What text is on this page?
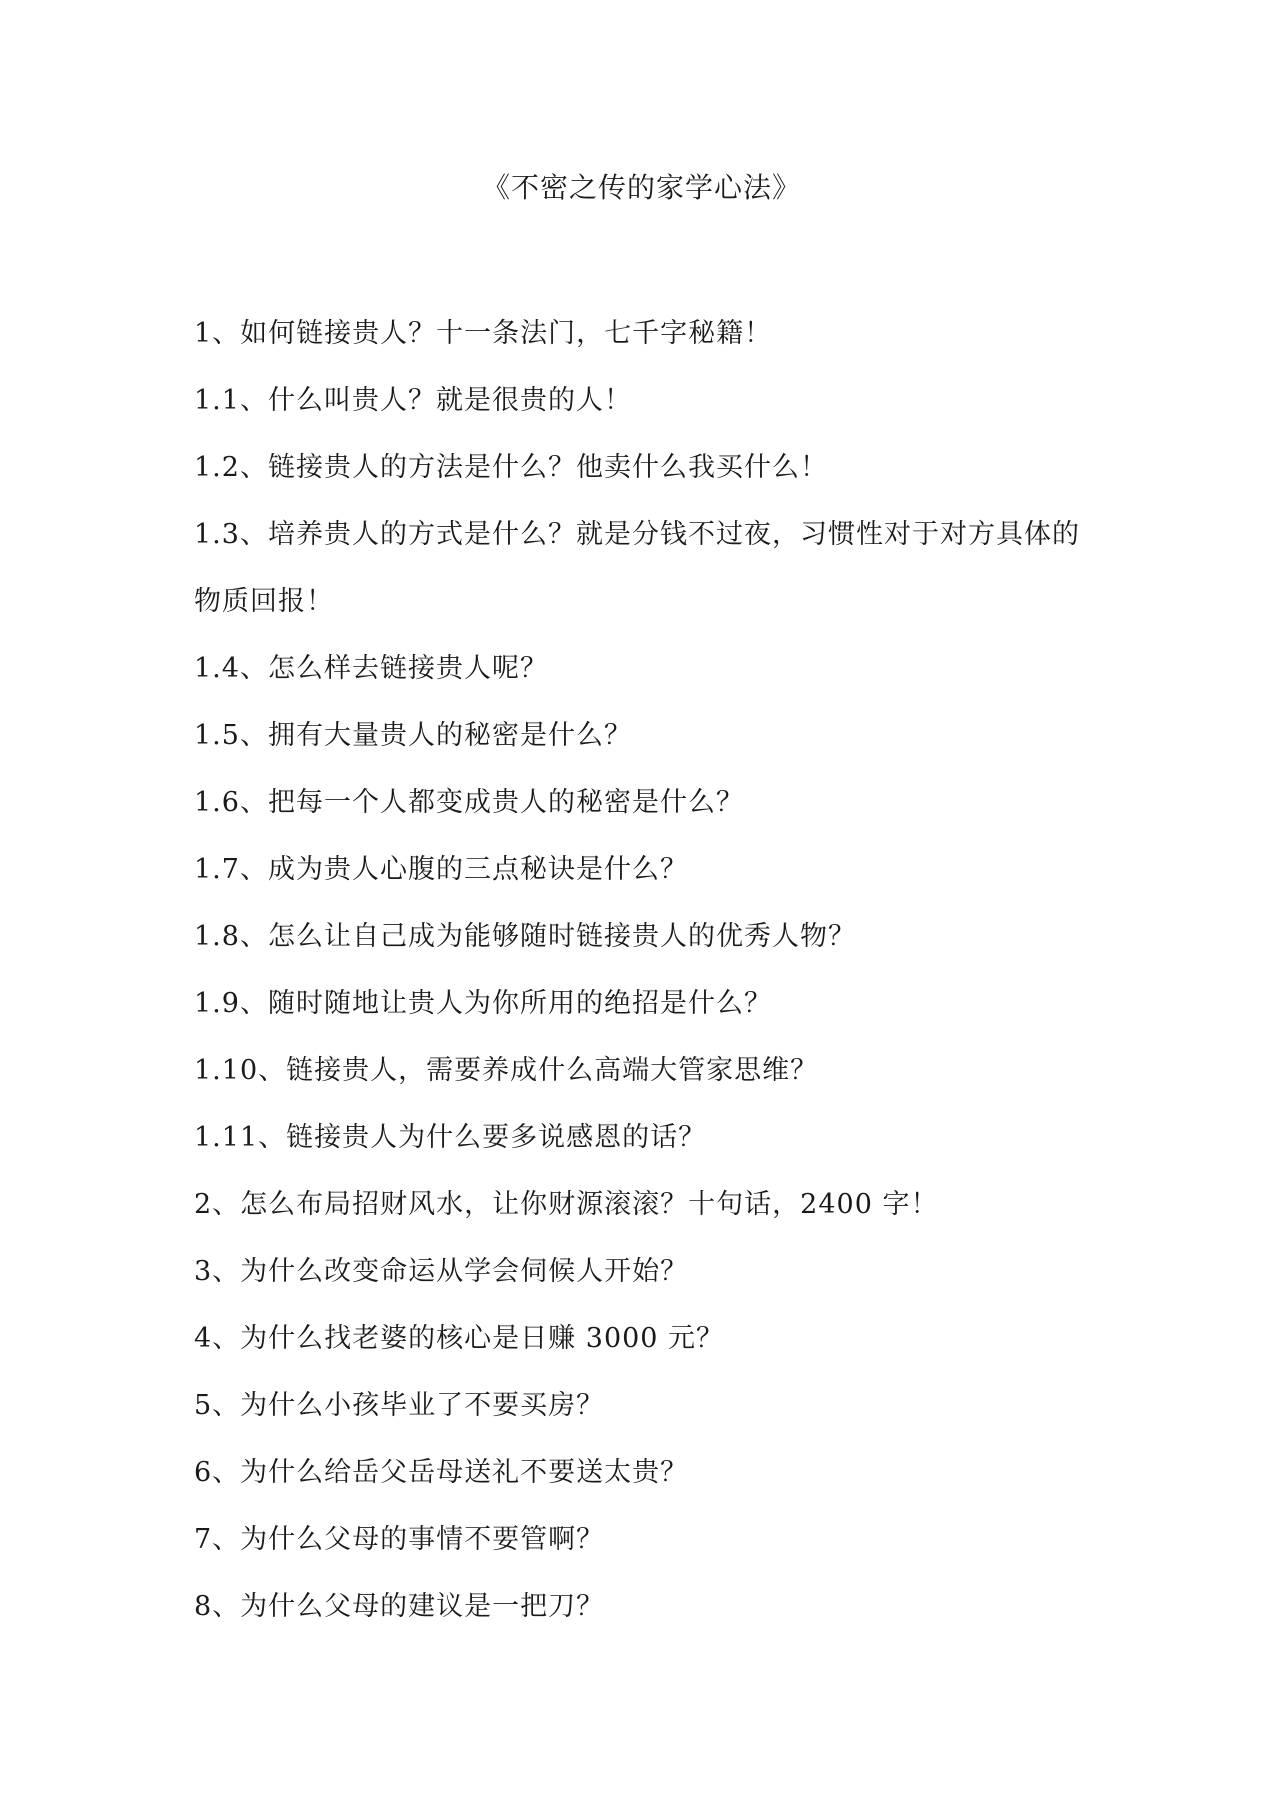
《不密之传的家学心法》
1、如何链接贵人？十一条法门，七千字秘籍！
1.1、什么叫贵人？就是很贵的人！
1.2、链接贵人的方法是什么？他卖什么我买什么！
1.3、培养贵人的方式是什么？就是分钱不过夜，习惯性对于对方具体的物质回报！
1.4、怎么样去链接贵人呢？
1.5、拥有大量贵人的秘密是什么？
1.6、把每一个人都变成贵人的秘密是什么？
1.7、成为贵人心腹的三点秘诀是什么？
1.8、怎么让自己成为能够随时链接贵人的优秀人物？
1.9、随时随地让贵人为你所用的绝招是什么？
1.10、链接贵人，需要养成什么高端大管家思维？
1.11、链接贵人为什么要多说感恩的话？
2、怎么布局招财风水，让你财源滚滚？十句话，2400 字！
3、为什么改变命运从学会伺候人开始？
4、为什么找老婆的核心是日赚 3000 元？
5、为什么小孩毕业了不要买房？
6、为什么给岳父岳母送礼不要送太贵？
7、为什么父母的事情不要管啊？
8、为什么父母的建议是一把刀？
